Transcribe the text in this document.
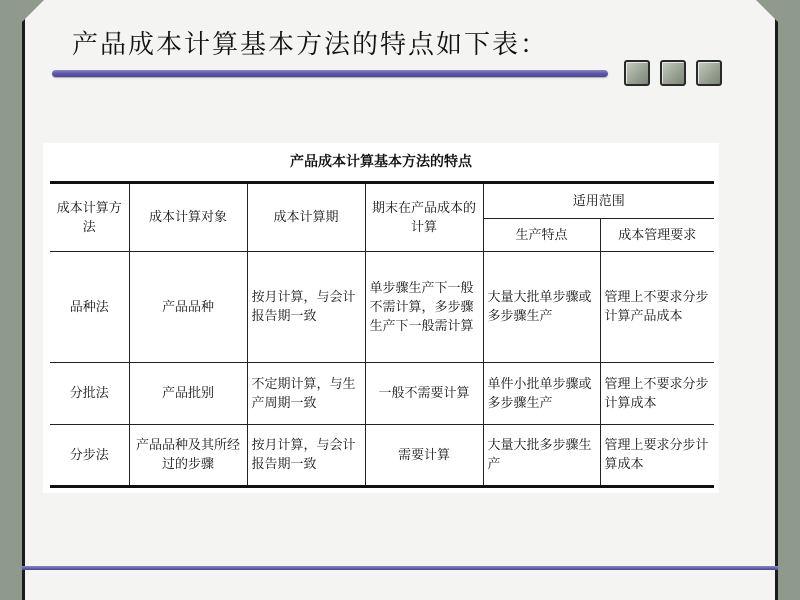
产品成本计算基本方法的特点如下表：
产品成本计算基本方法的特点
成本计算方法	成本计算对象	成本计算期	期末在产品成本的计算	适用范围	
				生产特点	成本管理要求
品种法	产品品种	按月计算，与会计报告期一致	单步骤生产下一般不需计算，多步骤生产下一般需计算	大量大批单步骤或多步骤生产	管理上不要求分步计算产品成本
分批法	产品批别	不定期计算，与生产周期一致	一般不需要计算	单件小批单步骤或多步骤生产	管理上不要求分步计算成本
分步法	产品品种及其所经过的步骤	按月计算，与会计报告期一致	需要计算	大量大批多步骤生产	管理上要求分步计算成本
